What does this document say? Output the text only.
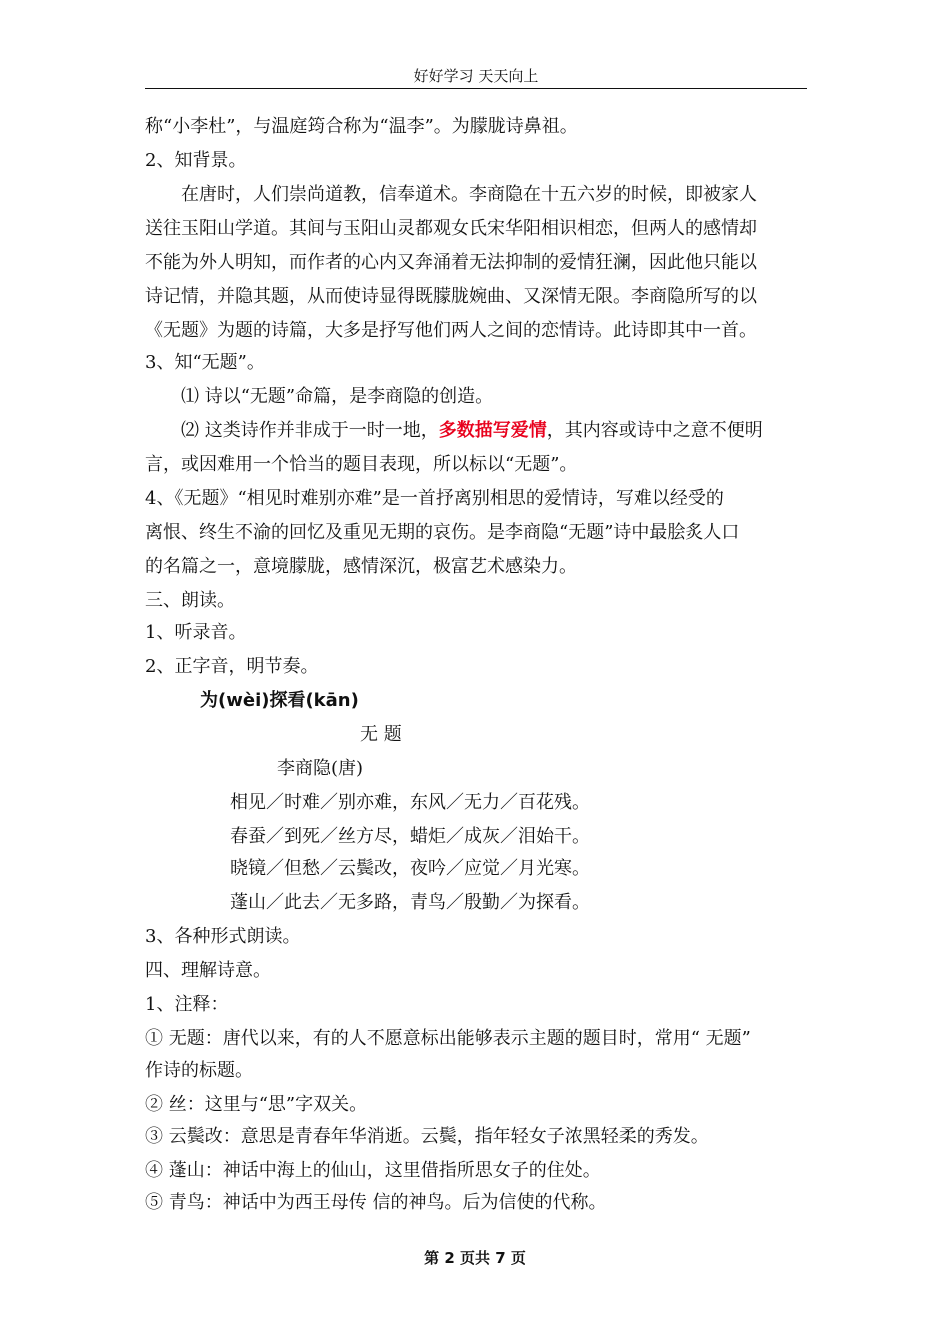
好好学习 天天向上
称“小李杜”，与温庭筠合称为“温李”。为朦胧诗鼻祖。
2、知背景。
在唐时，人们崇尚道教，信奉道术。李商隐在十五六岁的时候，即被家人
送往玉阳山学道。其间与玉阳山灵都观女氏宋华阳相识相恋，但两人的感情却
不能为外人明知，而作者的心内又奔涌着无法抑制的爱情狂澜，因此他只能以
诗记情，并隐其题，从而使诗显得既朦胧婉曲、又深情无限。李商隐所写的以
《无题》为题的诗篇，大多是抒写他们两人之间的恋情诗。此诗即其中一首。
3、知“无题”。
⑴ 诗以“无题”命篇，是李商隐的创造。
⑵ 这类诗作并非成于一时一地，多数描写爱情，其内容或诗中之意不便明
言，或因难用一个恰当的题目表现，所以标以“无题”。
4、《无题》“相见时难别亦难”是一首抒离别相思的爱情诗，写难以经受的
离恨、终生不渝的回忆及重见无期的哀伤。是李商隐“无题”诗中最脍炙人口
的名篇之一，意境朦胧，感情深沉，极富艺术感染力。
三、朗读。
1、听录音。
2、正字音，明节奏。
为(wèi)探看(kān)
无 题
李商隐(唐)
相见／时难／别亦难，东风／无力／百花残。
春蚕／到死／丝方尽，蜡炬／成灰／泪始干。
晓镜／但愁／云鬓改，夜吟／应觉／月光寒。
蓬山／此去／无多路，青鸟／殷勤／为探看。
3、各种形式朗读。
四、理解诗意。
1、注释：
① 无题：唐代以来，有的人不愿意标出能够表示主题的题目时，常用“ 无题”
作诗的标题。
② 丝：这里与“思”字双关。
③ 云鬓改：意思是青春年华消逝。云鬓，指年轻女子浓黑轻柔的秀发。
④ 蓬山：神话中海上的仙山，这里借指所思女子的住处。
⑤ 青鸟：神话中为西王母传 信的神鸟。后为信使的代称。
第 2 页共 7 页
